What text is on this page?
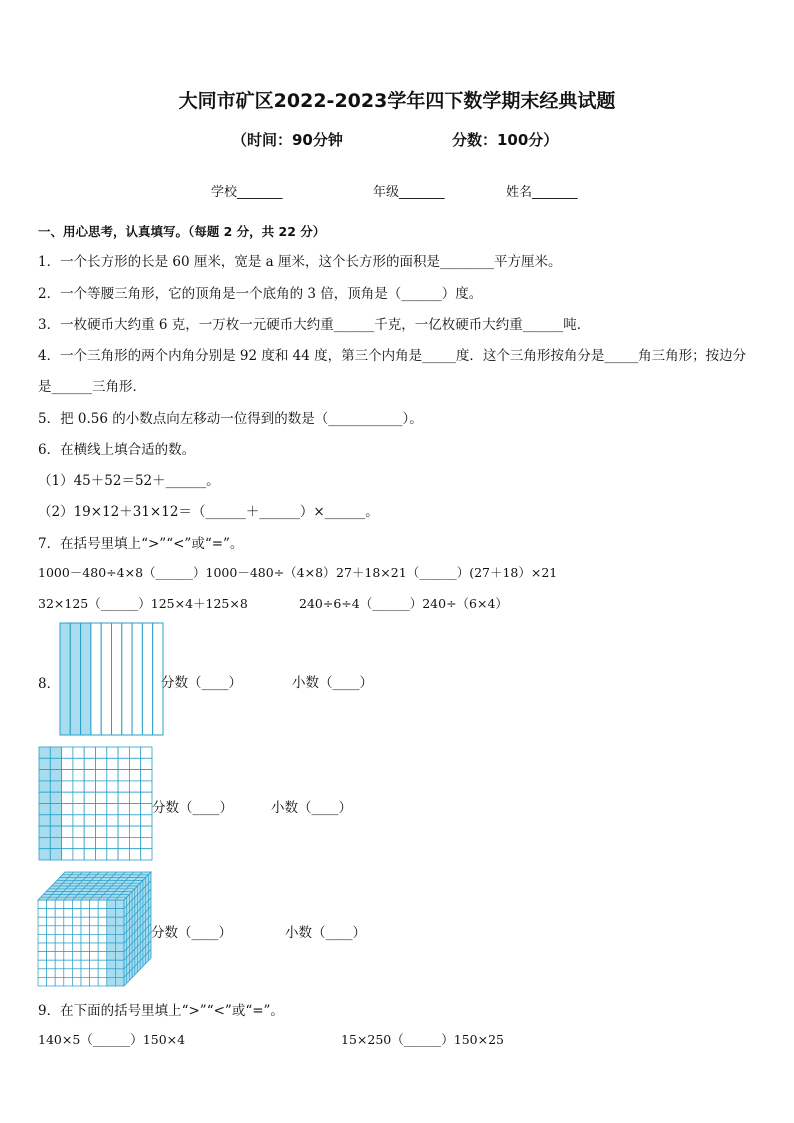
大同市矿区2022-2023学年四下数学期末经典试题
（时间：90分钟	分数：100分）
学校_______	年级_______	姓名_______
一、用心思考，认真填写。（每题 2 分，共 22 分）
1．一个长方形的长是 60 厘米，宽是 a 厘米，这个长方形的面积是________平方厘米。
2．一个等腰三角形，它的顶角是一个底角的 3 倍，顶角是（______）度。
3．一枚硬币大约重 6 克，一万枚一元硬币大约重______千克，一亿枚硬币大约重______吨．
4．一个三角形的两个内角分别是 92 度和 44 度，第三个内角是_____度．这个三角形按角分是_____角三角形；按边分
是______三角形．
5．把 0.56 的小数点向左移动一位得到的数是（___________）。
6．在横线上填合适的数。
（1）45＋52＝52＋______。
（2）19×12＋31×12＝（______＋______）×______。
7．在括号里填上“>”“<”或“=”。
1000－480÷4×8（______）1000－480÷（4×8） 27＋18×21（______）(27＋18）×21
32×125（______）125×4＋125×8	240÷6÷4（______）240÷（6×4）
8．	分数（____）	小数（____）
分数（____）	小数（____）
分数（____）	小数（____）
9．在下面的括号里填上“>”“<”或“=”。
140×5（______）150×4	15×250（______）150×25
